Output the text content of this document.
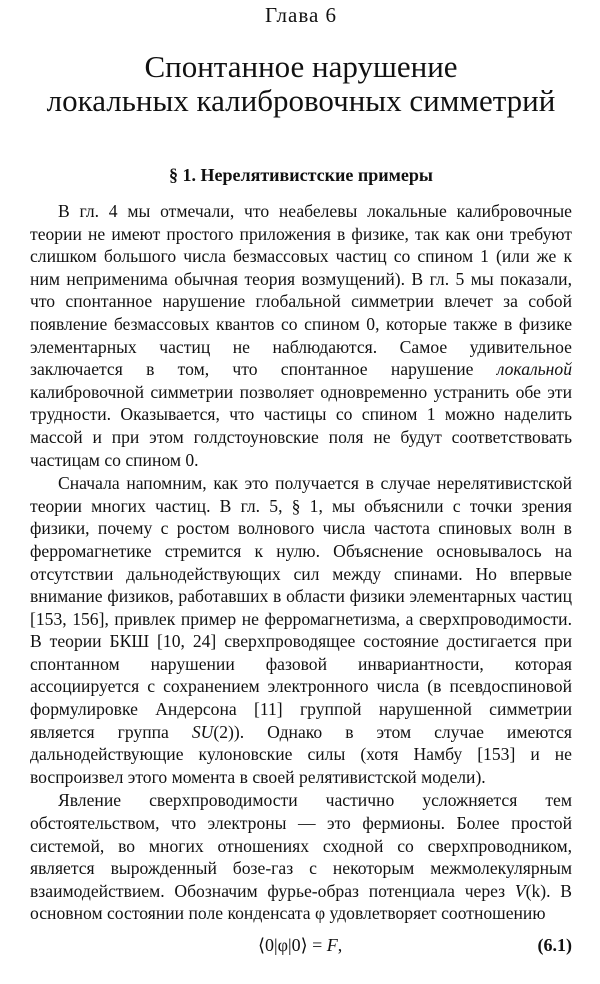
Глава 6
Спонтанное нарушение
локальных калибровочных симметрий
§ 1. Нерелятивистские примеры

В гл. 4 мы отмечали, что неабелевы локальные калибровочные теории не имеют простого приложения в физике, так как они требуют слишком большого числа безмассовых частиц со спином 1 (или же к ним неприменима обычная теория возмущений). В гл. 5 мы показали, что спонтанное нарушение глобальной симметрии влечет за собой появление безмассовых квантов со спином 0, которые также в физике элементарных частиц не наблюдаются. Самое удивительное заключается в том, что спонтанное нарушение локальной калибровочной симметрии позволяет одновременно устранить обе эти трудности. Оказывается, что частицы со спином 1 можно наделить массой и при этом голдстоуновские поля не будут соответствовать частицам со спином 0.

Сначала напомним, как это получается в случае нерелятивистской теории многих частиц. В гл. 5, § 1, мы объяснили с точки зрения физики, почему с ростом волнового числа частота спиновых волн в ферромагнетике стремится к нулю. Объяснение основывалось на отсутствии дальнодействующих сил между спинами. Но впервые внимание физиков, работавших в области физики элементарных частиц [153, 156], привлек пример не ферромагнетизма, а сверхпроводимости. В теории БКШ [10, 24] сверхпроводящее состояние достигается при спонтанном нарушении фазовой инвариантности, которая ассоциируется с сохранением электронного числа (в псевдоспиновой формулировке Андерсона [11] группой нарушенной симметрии является группа SU(2)). Однако в этом случае имеются дальнодействующие кулоновские силы (хотя Намбу [153] и не воспроизвел этого момента в своей релятивистской модели).

Явление сверхпроводимости частично усложняется тем обстоятельством, что электроны — это фермионы. Более простой системой, во многих отношениях сходной со сверхпроводником, является вырожденный бозе-газ с некоторым межмолекулярным взаимодействием. Обозначим фурье-образ потенциала через V(k). В основном состоянии поле конденсата φ удовлетворяет соотношению

⟨0|φ|0⟩ = F,	(6.1)
